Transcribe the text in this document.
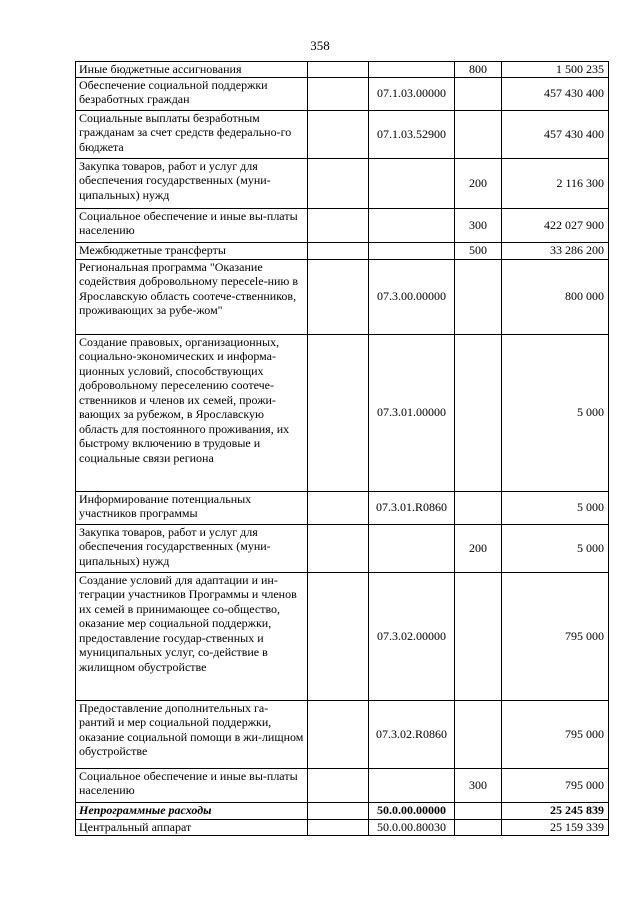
358
Иные бюджетные ассигнования			800	1 500 235
Обеспечение социальной поддержки безработных граждан		07.1.03.00000		457 430 400
Социальные выплаты безработным гражданам за счет средств федерально-го бюджета		07.1.03.52900		457 430 400
Закупка товаров, работ и услуг для обеспечения государственных (муни-ципальных) нужд			200	2 116 300
Социальное обеспечение и иные вы-платы населению			300	422 027 900
Межбюджетные трансферты			500	33 286 200
Региональная программа "Оказание содействия добровольному пересele-нию в Ярославскую область соотече-ственников, проживающих за рубе-жом"		07.3.00.00000		800 000
Создание правовых, организационных, социально-экономических и информа-ционных условий, способствующих добровольному переселению соотече-ственников и членов их семей, прожи-вающих за рубежом, в Ярославскую область для постоянного проживания, их быстрому включению в трудовые и социальные связи региона		07.3.01.00000		5 000
Информирование потенциальных участников программы		07.3.01.R0860		5 000
Закупка товаров, работ и услуг для обеспечения государственных (муни-ципальных) нужд			200	5 000
Создание условий для адаптации и ин-теграции участников Программы и членов их семей в принимающее со-общество, оказание мер социальной поддержки, предоставление государ-ственных и муниципальных услуг, со-действие в жилищном обустройстве		07.3.02.00000		795 000
Предоставление дополнительных га-рантий и мер социальной поддержки, оказание социальной помощи в жи-лищном обустройстве		07.3.02.R0860		795 000
Социальное обеспечение и иные вы-платы населению			300	795 000
Непрограммные расходы		50.0.00.00000		25 245 839
Центральный аппарат		50.0.00.80030		25 159 339
